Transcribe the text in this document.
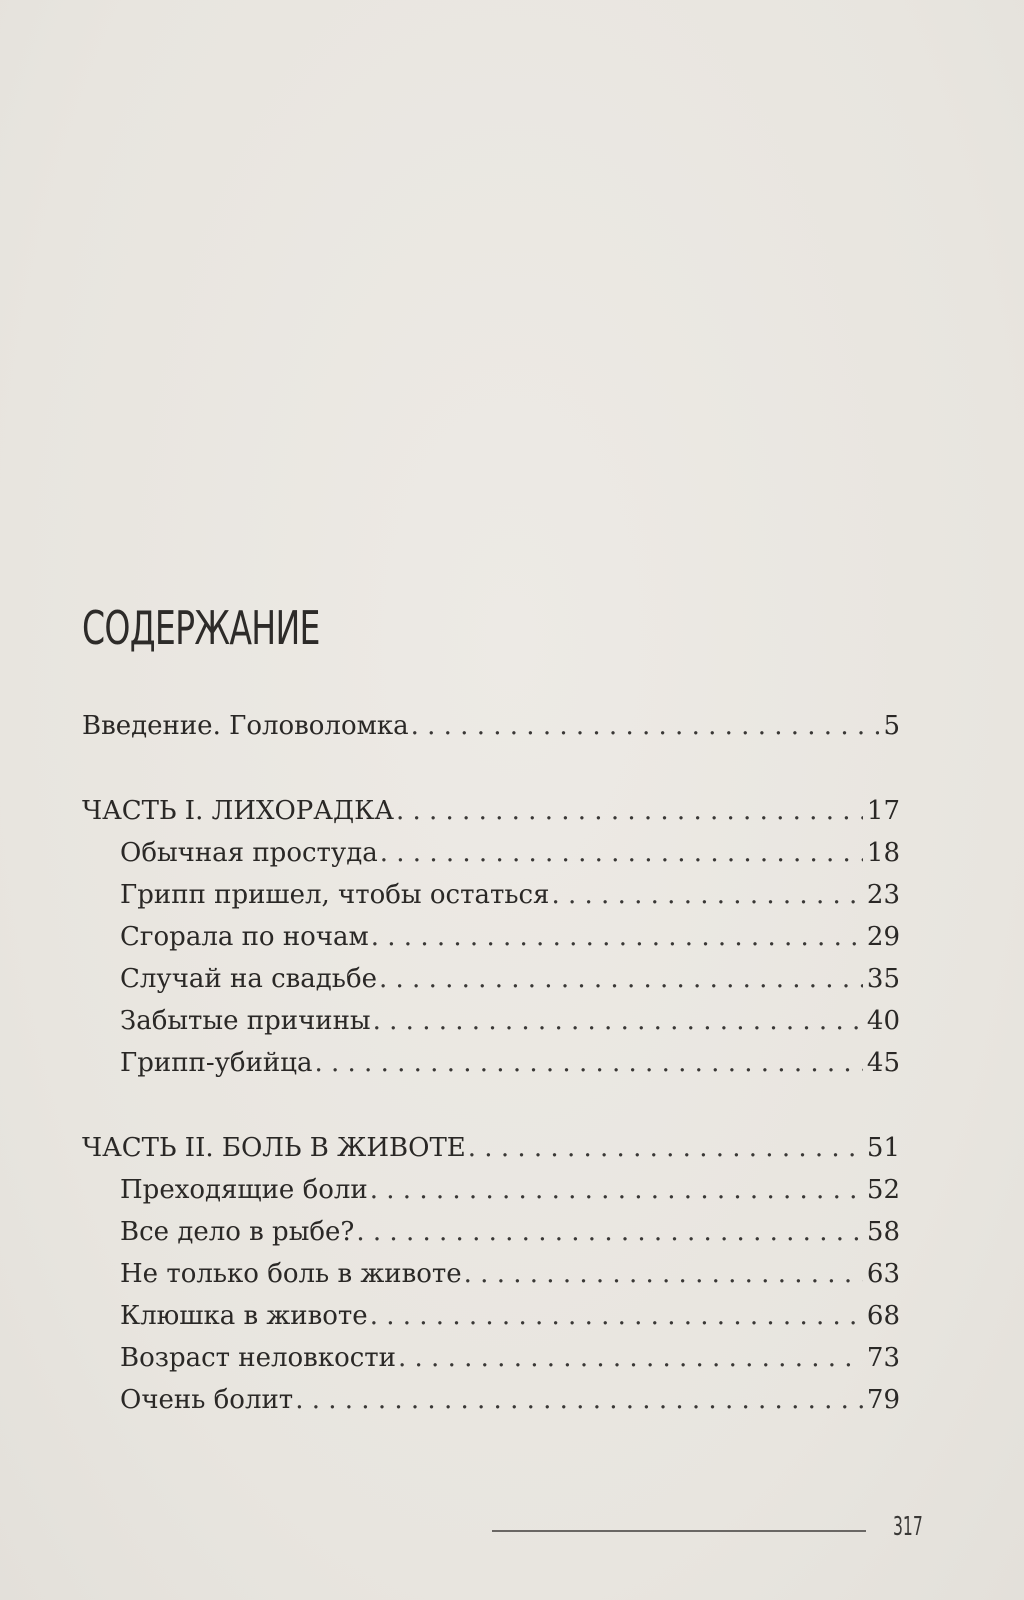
СОДЕРЖАНИЕ
Введение. Головоломка . . .	5
ЧАСТЬ I. ЛИХОРАДКА . . .	17
Обычная простуда . . .	18
Грипп пришел, чтобы остаться . . .	23
Сгорала по ночам . . .	29
Случай на свадьбе . . .	35
Забытые причины . . .	40
Грипп-убийца . . .	45
ЧАСТЬ II. БОЛЬ В ЖИВОТЕ . . .	51
Преходящие боли . . .	52
Все дело в рыбе? . . .	58
Не только боль в животе . . .	63
Клюшка в животе . . .	68
Возраст неловкости . . .	73
Очень болит . . .	79
317
